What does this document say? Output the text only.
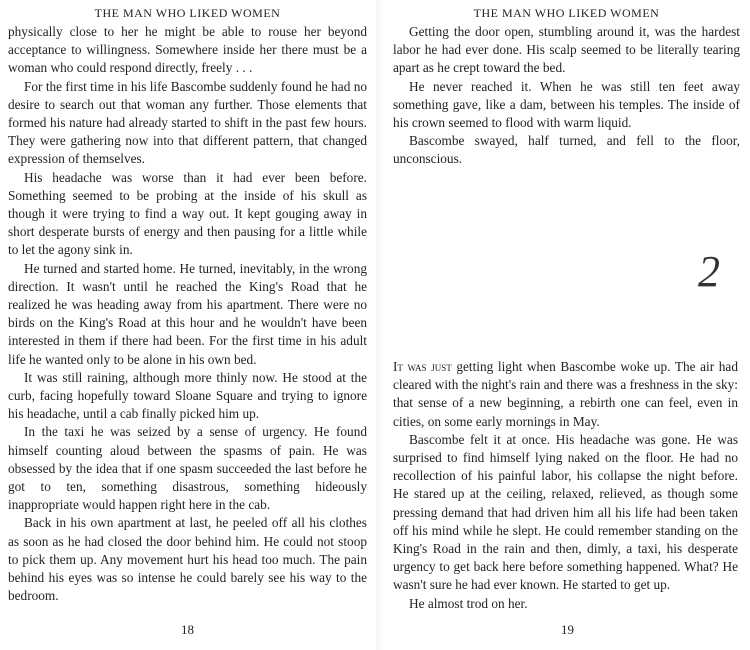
THE MAN WHO LIKED WOMEN

physically close to her he might be able to rouse her beyond acceptance to willingness. Somewhere inside her there must be a woman who could respond directly, freely . . .

For the first time in his life Bascombe suddenly found he had no desire to search out that woman any further. Those elements that formed his nature had already started to shift in the past few hours. They were gathering now into that different pattern, that changed expression of themselves.

His headache was worse than it had ever been before. Something seemed to be probing at the inside of his skull as though it were trying to find a way out. It kept gouging away in short desperate bursts of energy and then pausing for a little while to let the agony sink in.

He turned and started home. He turned, inevitably, in the wrong direction. It wasn't until he reached the King's Road that he realized he was heading away from his apartment. There were no birds on the King's Road at this hour and he wouldn't have been interested in them if there had been. For the first time in his adult life he wanted only to be alone in his own bed.

It was still raining, although more thinly now. He stood at the curb, facing hopefully toward Sloane Square and trying to ignore his headache, until a cab finally picked him up.

In the taxi he was seized by a sense of urgency. He found himself counting aloud between the spasms of pain. He was obsessed by the idea that if one spasm succeeded the last before he got to ten, something disastrous, something hideously inappropriate would happen right here in the cab.

Back in his own apartment at last, he peeled off all his clothes as soon as he had closed the door behind him. He could not stoop to pick them up. Any movement hurt his head too much. The pain behind his eyes was so intense he could barely see his way to the bedroom.

18
THE MAN WHO LIKED WOMEN

Getting the door open, stumbling around it, was the hardest labor he had ever done. His scalp seemed to be literally tearing apart as he crept toward the bed.

He never reached it. When he was still ten feet away something gave, like a dam, between his temples. The inside of his crown seemed to flood with warm liquid.

Bascombe swayed, half turned, and fell to the floor, unconscious.

2

It was just getting light when Bascombe woke up. The air had cleared with the night's rain and there was a freshness in the sky: that sense of a new beginning, a rebirth one can feel, even in cities, on some early mornings in May.

Bascombe felt it at once. His headache was gone. He was surprised to find himself lying naked on the floor. He had no recollection of his painful labor, his collapse the night before. He stared up at the ceiling, relaxed, relieved, as though some pressing demand that had driven him all his life had been taken off his mind while he slept. He could remember standing on the King's Road in the rain and then, dimly, a taxi, his desperate urgency to get back here before something happened. What? He wasn't sure he had ever known. He started to get up.

He almost trod on her.

19
